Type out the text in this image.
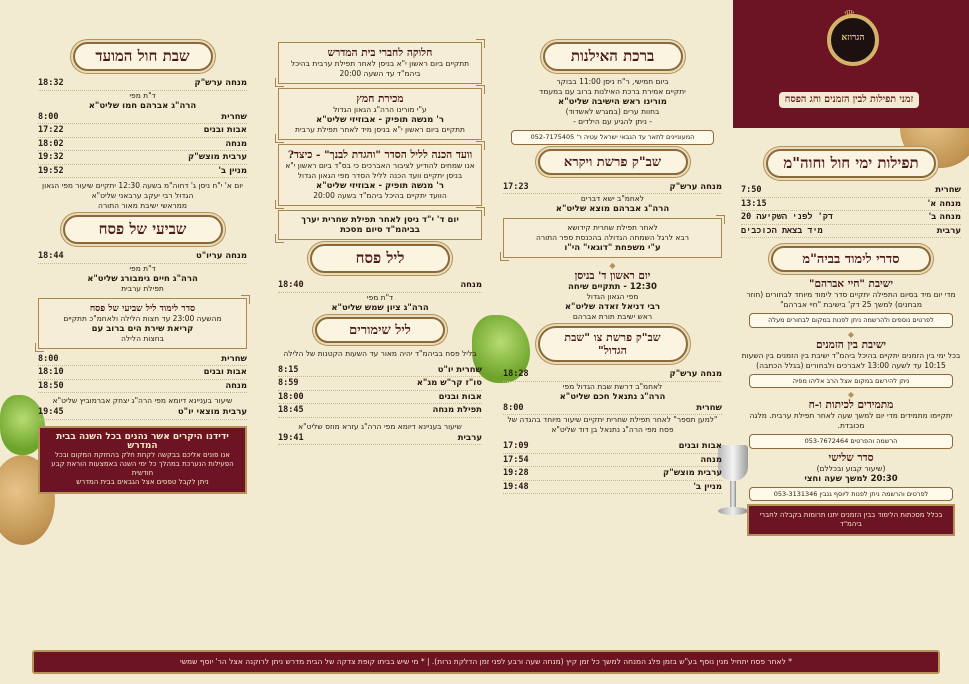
הגרוזא
זמני תפילות לבין הזמנים וחג הפסח
תפילות ימי חול וחוה"מ
שחרית
7:50
מנחה א'
13:15
מנחה ב'
20 דק' לפני השקיעה
ערבית
מיד בצאת הכוכבים
סדרי לימוד בביה"מ
ישיבת "חיי אברהם"
מדי יום מיד בסיום התפילה יתקיים סדר לימוד מיוחד לבחורים (חוזר מבחנים) למשך 25 דק' בישיבת "חיי אברהם"
לפרטים נוספים ולהרשמה ניתן לפנות במקום לבחורים מעלה
◆
ישיבת בין הזמנים
בכל ימי בין הזמנים יתקיים בהיכל ביהמ"ד ישיבת בין הזמנים בין השעות 10:15 עד לשעה 13:00 לאברכים ולבחורים (בגלל הכתבה)
ניתן להירשם במקום אצל הרב אליהו מפיה
◆
מתמידים לכיתות ו-ח
יתקיימו מתמידים מדי יום למשך שעה לאחר תפילת ערבית. מלגה מכובדת.
הרשמה והפרטים 053-7672464
סדר שלישי
(שיעור קבוע ובכללם)
20:30 למשך שעה וחצי
לפרטים והרשמה ניתן לפנות ליוסף גנבין 053-3131346
בכלל מסכתות הלימוד בבין הזמנים יתנו תרומות בקבלה לחברי ביהמ"ד
ברכת האילנות
ביום חמישי, ר"ח ניסן 11:00 בבוקר
יתקיים אמירת ברכת האילנות ברוב עם במעמד
מורינו ראש הישיבה שליט"א
בחוות ערים (במגרש לאשדוד)
- ניתן להגיע עם הילדים -
המעוניינים לתאר עד הגבאי ישראל עטיה ר' 052-7175405
שב"ק פרשת ויקרא
מנחה ערש"ק
17:23
לאחמ"ב ישא דברים
הרה"ג אברהם מוצא שליט"א
לאחר תפילת שחרית קידושא
רבא לרגל השמחה הגדולה בהכנסת ספר התורה
ע"י משפחת "דוגאי" הי"ו
◆
יום ראשון ד' בניסן
12:30 - תתקיים שיחה
מפי הגאון הגדול
רבי דניאל זאדה שליט"א
ראש ישיבת תורת אברהם
שב"ק פרשת צו "שבת הגדול"
מנחה ערש"ק
18:28
לאחמ"ב דרשת שבת הגדול מפי
הרה"ג נתנאל חכם שליט"א
שחרית
8:00
"למען תספר" לאחר תפילת שחרית יתקיים שיעור מיוחד בהגדה של פסח מפי הרה"ג נתנאל בן דוד שליט"א
אבות ובנים
17:09
מנחה
17:54
ערבית מוצש"ק
19:28
מניין ב'
19:48
חלוקה לחברי בית המדרש
תתקיים ביום ראשון י"א בניסן לאחר תפילת ערבית בהיכל ביהמ"ד עד השעה 20:00
מכירת חמץ
ע"י מורינו הרה"ג הגאון הגדול
ר' מנשה תופיק - אבוזיזי שליט"א
תתקיים ביום ראשון י"א בניסן מיד לאחר תפילת ערבית
וועד הכנה לליל הסדר "והגדת לבנך" - כיצד?
אנו שמחים להודיע לציבור האברכים כי בס"ד ביום ראשון י"א בניסן יתקיים וועד הכנה לליל הסדר מפי הגאון הגדול
ר' מנשה תופיק - אבוזיזי שליט"א
הוועד יתקיים בהיכל ביהמ"ד בשעה 20:00
יום ד' י"ד ניסן לאחר תפילת שחרית יערך בביהמ"ד סיום מסכת
ליל פסח
מנחה
18:40
ד"ת מפי
הרה"ג ציון שמש שליט"א
ליל שימורים
בליל פסח בביהמ"ד יהיה מאור עד השעות הקטנות של הלילה
שחרית יו"ט
8:15
סו"ז קר"ש מג"א
8:59
אבות ובנים
18:00
תפילת מנחה
18:45
שיעור בעניינא דיומא מפי הרה"ג עזרא מוזס שליט"א
ערבית
19:41
שבת חול המועד
מנחה ערש"ק
18:32
ד"ת מפי
הרה"ג אברהם חמו שליט"א
שחרית
8:00
אבות ובנים
17:22
מנחה
18:02
ערבית מוצש"ק
19:32
מניין ב'
19:52
יום א' י"ח ניסן ג' דחוה"מ בשעה 12:30 יתקיים שיעור מפי הגאון הגדול רבי יעקב ערבאני שליט"א
ממראשי ישיבת מאור התורה
שביעי של פסח
מנחה עריו"ט
18:44
ד"ת מפי
הרה"ג חיים גימבורג שליט"א
תפילת ערבית
סדר לימוד ליל שביעי של פסח
מהשעה 23:00 עד חצות הלילה ולאחמ"כ תתקיים
קריאת שירת הים ברוב עם
בחצות הלילה
שחרית
8:00
אבות ובנים
18:10
מנחה
18:50
שיעור בעניינא דיומא מפי הרה"ג יצחק אברמוביץ שליט"א
ערבית מוצאי יו"ט
19:45
ידידנו היקרים אשר נהנים בכל השנה בבית המדרש
אנו פונים אליכם בבקשה לקחת חלק בהחזקת המקום ובכל הפעילות הנערכת במהלך כל ימי השנה באמצעות הוראת קבע חודשית
ניתן לקבל טפסים אצל הגבאים בבית המדרש
* לאחר פסח יתחיל מנין נוסף בע"ש בזמן פלג המנחה למשך כל זמן קיץ (מנחה שעה ורבע לפני זמן הדלקת נרות). | * מי שיש בביתו קופת צדקה של הבית מדרש ניתן לרוקנה אצל הר' יוסף שמשי
